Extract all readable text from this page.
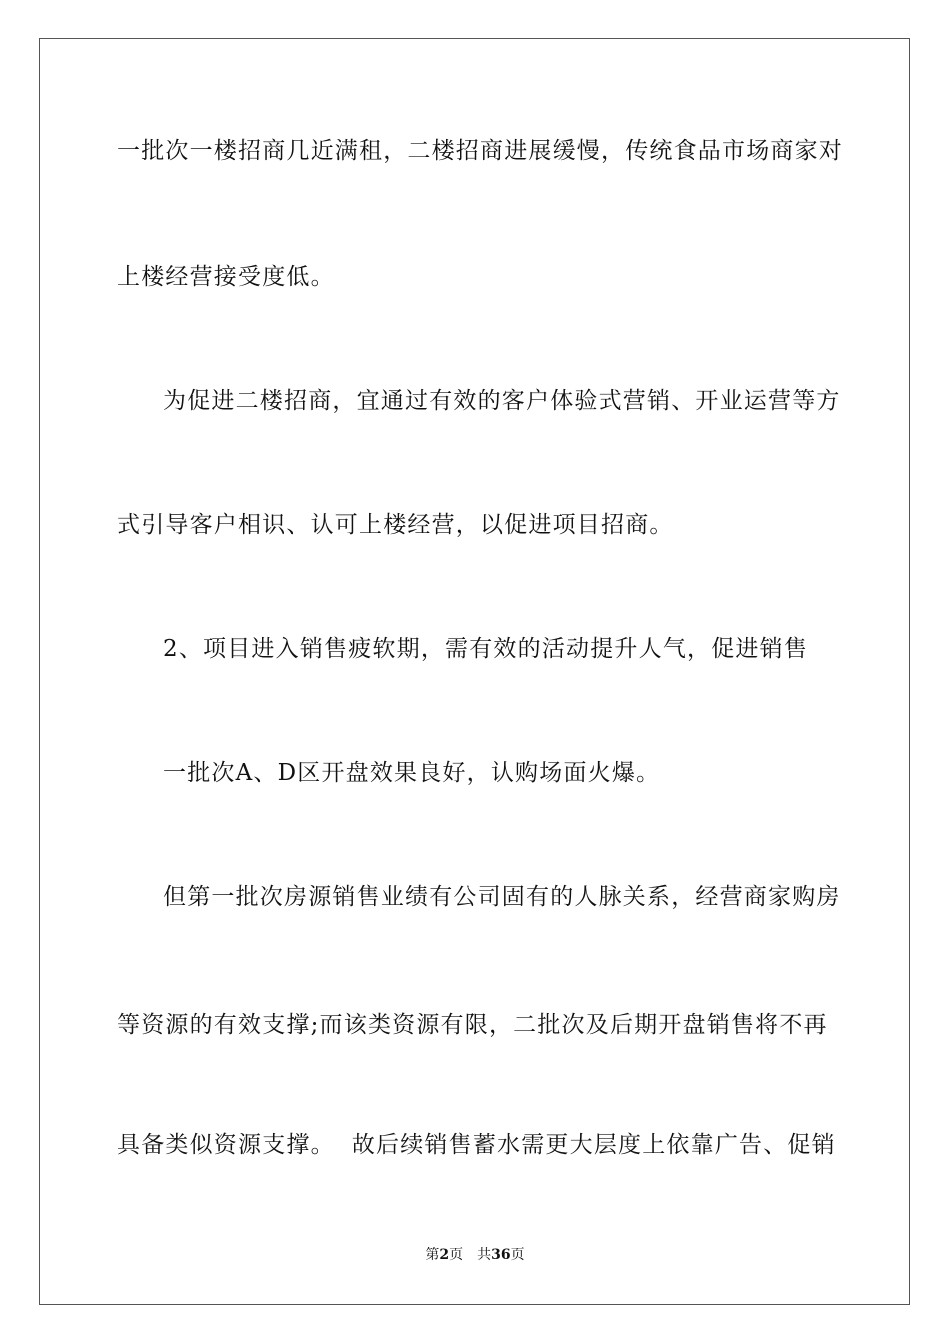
一批次一楼招商几近满租，二楼招商进展缓慢，传统食品市场商家对
上楼经营接受度低。
为促进二楼招商，宜通过有效的客户体验式营销、开业运营等方
式引导客户相识、认可上楼经营，以促进项目招商。
2、项目进入销售疲软期，需有效的活动提升人气，促进销售
一批次A、D区开盘效果良好，认购场面火爆。
但第一批次房源销售业绩有公司固有的人脉关系，经营商家购房
等资源的有效支撑;而该类资源有限，二批次及后期开盘销售将不再
具备类似资源支撑。  故后续销售蓄水需更大层度上依靠广告、促销
第2页 共36页
